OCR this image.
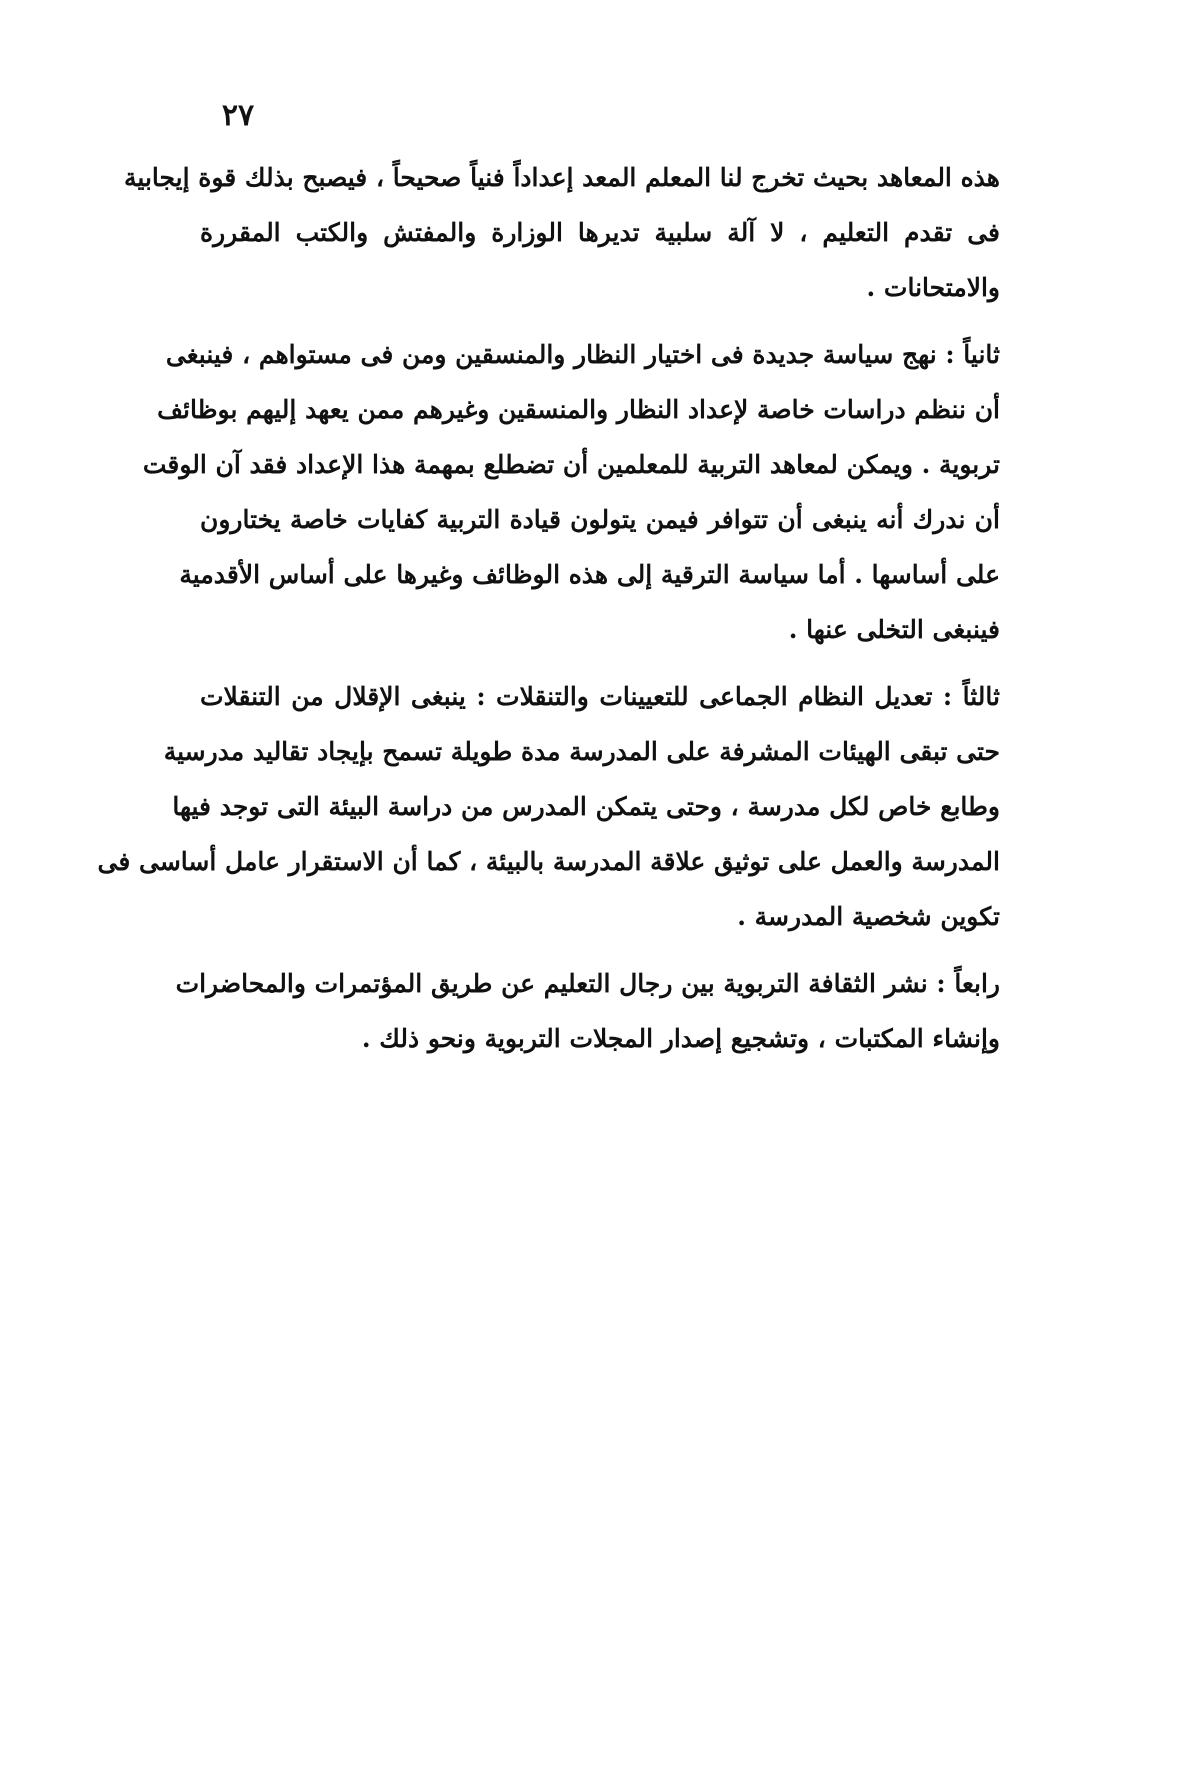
٢٧
هذه المعاهد بحيث تخرج لنا المعلم المعد إعداداً فنياً صحيحاً ، فيصبح بذلك قوة إيجابية
فى تقدم التعليم ، لا آلة سلبية تديرها الوزارة والمفتش والكتب المقررة
والامتحانات .
ثانياً : نهج سياسة جديدة فى اختيار النظار والمنسقين ومن فى مستواهم ، فينبغى
أن ننظم دراسات خاصة لإعداد النظار والمنسقين وغيرهم ممن يعهد إليهم بوظائف
تربوية . ويمكن لمعاهد التربية للمعلمين أن تضطلع بمهمة هذا الإعداد فقد آن الوقت
أن ندرك أنه ينبغى أن تتوافر فيمن يتولون قيادة التربية كفايات خاصة يختارون
على أساسها . أما سياسة الترقية إلى هذه الوظائف وغيرها على أساس الأقدمية
فينبغى التخلى عنها .
ثالثاً : تعديل النظام الجماعى للتعيينات والتنقلات : ينبغى الإقلال من التنقلات
حتى تبقى الهيئات المشرفة على المدرسة مدة طويلة تسمح بإيجاد تقاليد مدرسية
وطابع خاص لكل مدرسة ، وحتى يتمكن المدرس من دراسة البيئة التى توجد فيها
المدرسة والعمل على توثيق علاقة المدرسة بالبيئة ، كما أن الاستقرار عامل أساسى فى
تكوين شخصية المدرسة .
رابعاً : نشر الثقافة التربوية بين رجال التعليم عن طريق المؤتمرات والمحاضرات
وإنشاء المكتبات ، وتشجيع إصدار المجلات التربوية ونحو ذلك .
